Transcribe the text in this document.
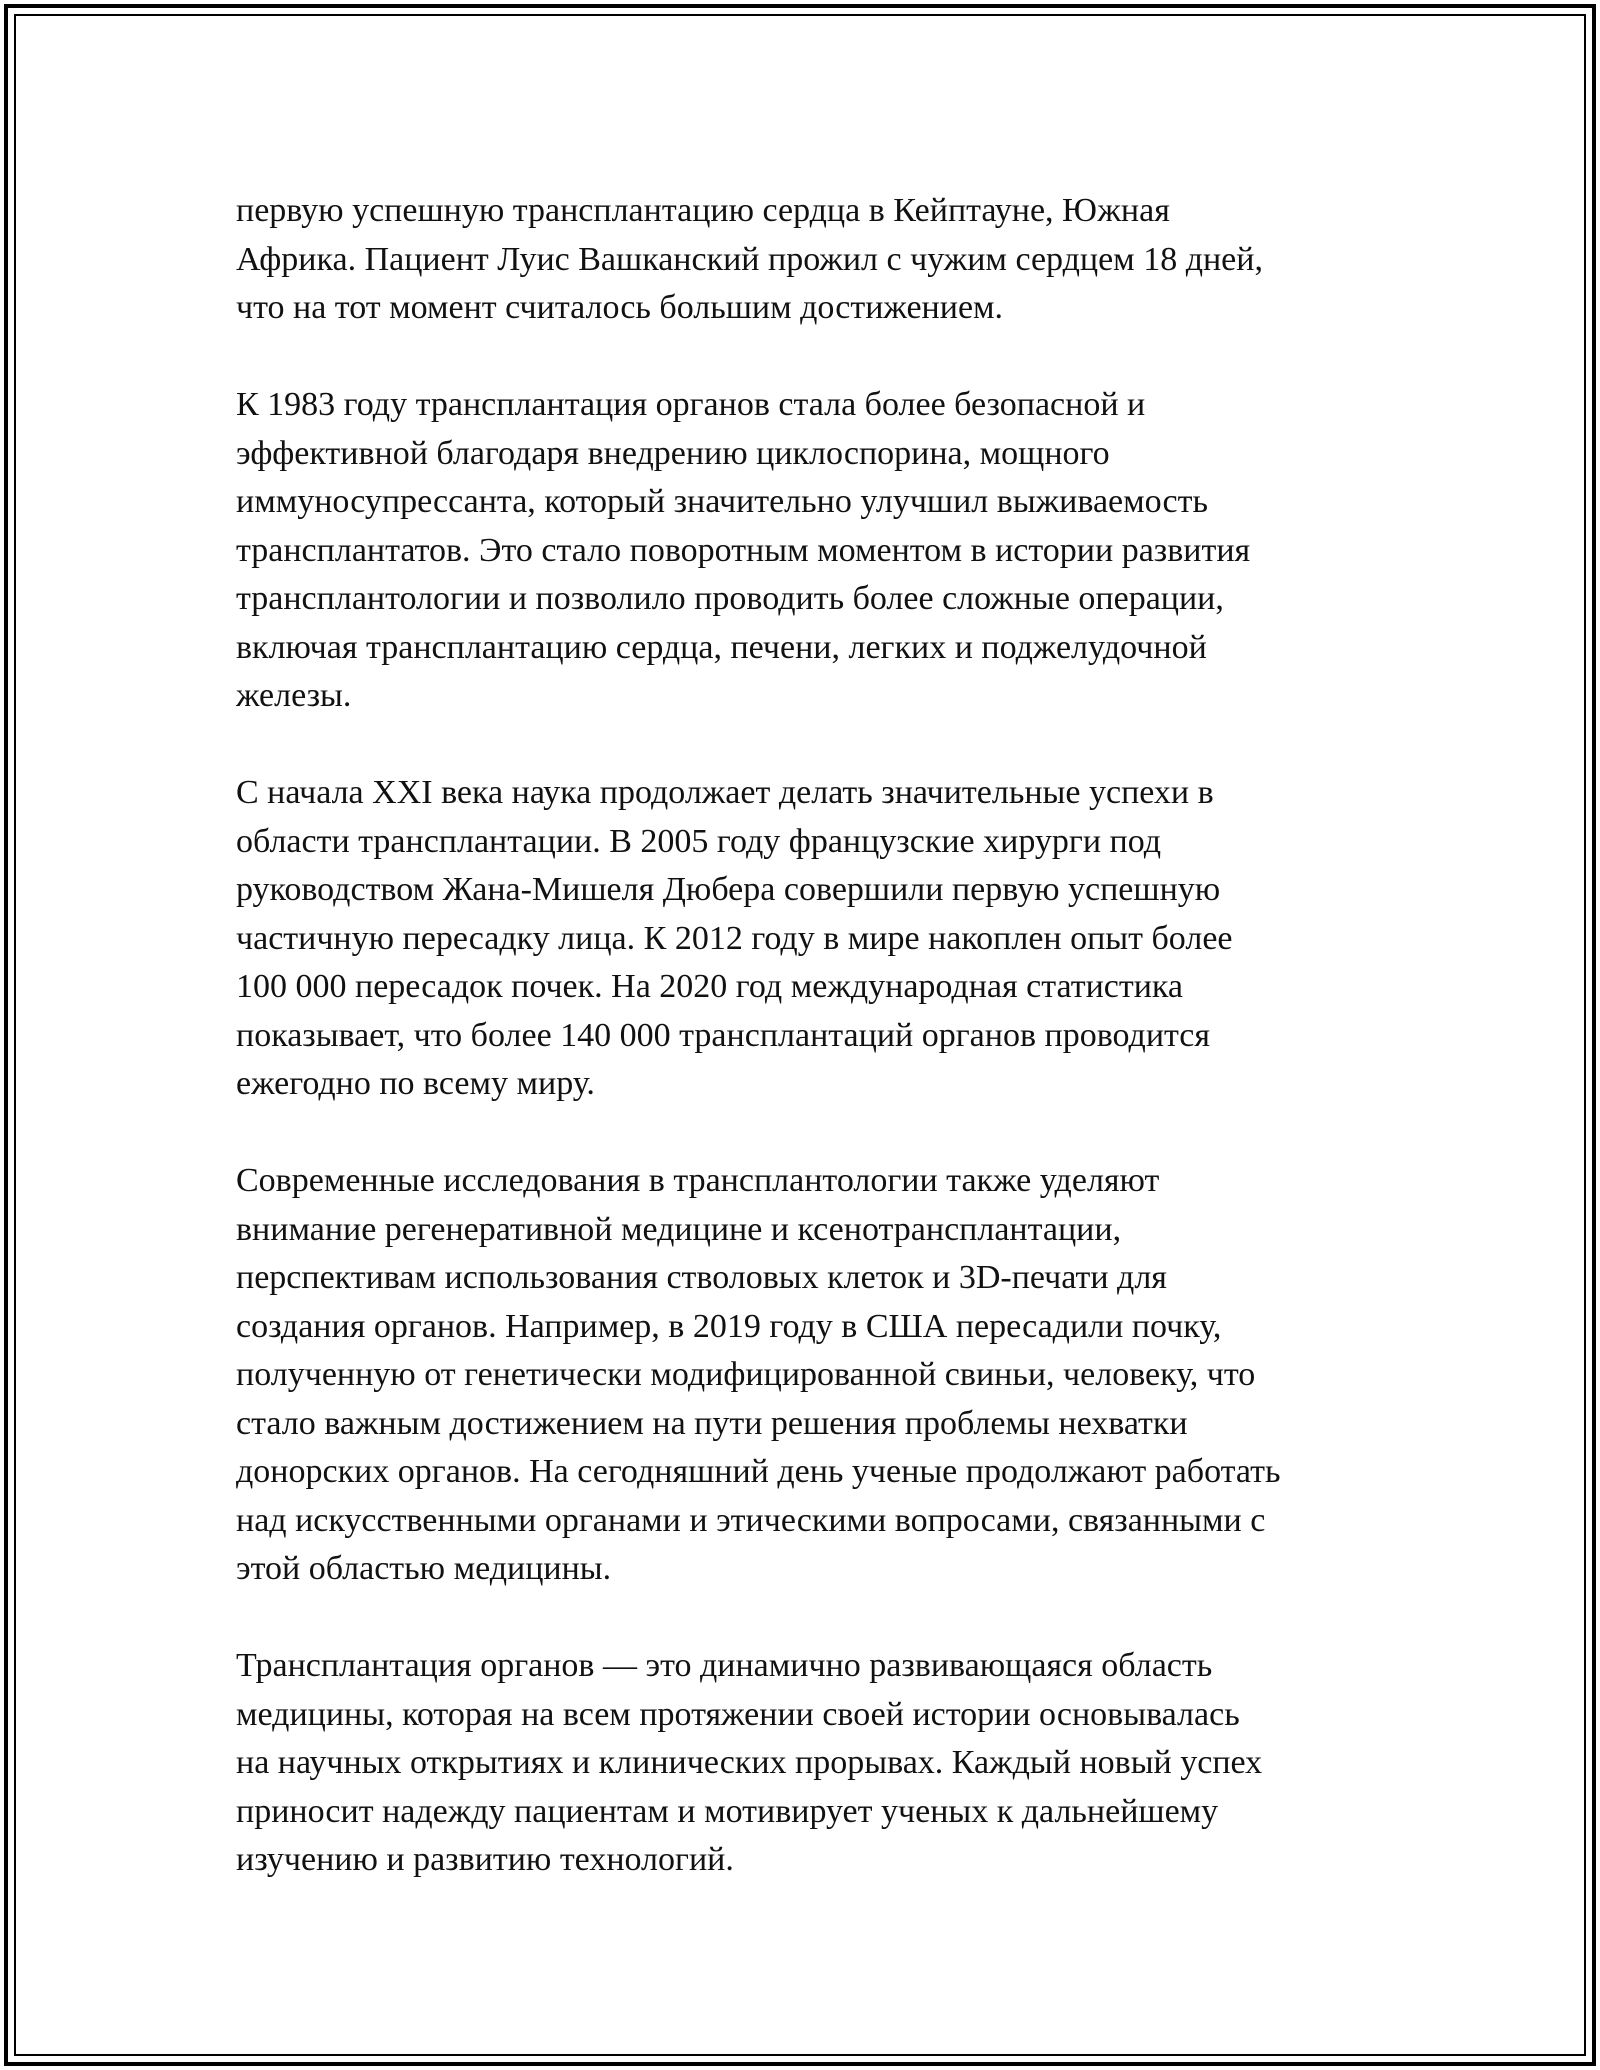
первую успешную трансплантацию сердца в Кейптауне, Южная
Африка. Пациент Луис Вашканский прожил с чужим сердцем 18 дней,
что на тот момент считалось большим достижением.

К 1983 году трансплантация органов стала более безопасной и
эффективной благодаря внедрению циклоспорина, мощного
иммуносупрессанта, который значительно улучшил выживаемость
трансплантатов. Это стало поворотным моментом в истории развития
трансплантологии и позволило проводить более сложные операции,
включая трансплантацию сердца, печени, легких и поджелудочной
железы.

С начала XXI века наука продолжает делать значительные успехи в
области трансплантации. В 2005 году французские хирурги под
руководством Жана-Мишеля Дюбера совершили первую успешную
частичную пересадку лица. К 2012 году в мире накоплен опыт более
100 000 пересадок почек. На 2020 год международная статистика
показывает, что более 140 000 трансплантаций органов проводится
ежегодно по всему миру.

Современные исследования в трансплантологии также уделяют
внимание регенеративной медицине и ксенотрансплантации,
перспективам использования стволовых клеток и 3D-печати для
создания органов. Например, в 2019 году в США пересадили почку,
полученную от генетически модифицированной свиньи, человеку, что
стало важным достижением на пути решения проблемы нехватки
донорских органов. На сегодняшний день ученые продолжают работать
над искусственными органами и этическими вопросами, связанными с
этой областью медицины.

Трансплантация органов — это динамично развивающаяся область
медицины, которая на всем протяжении своей истории основывалась
на научных открытиях и клинических прорывах. Каждый новый успех
приносит надежду пациентам и мотивирует ученых к дальнейшему
изучению и развитию технологий.
